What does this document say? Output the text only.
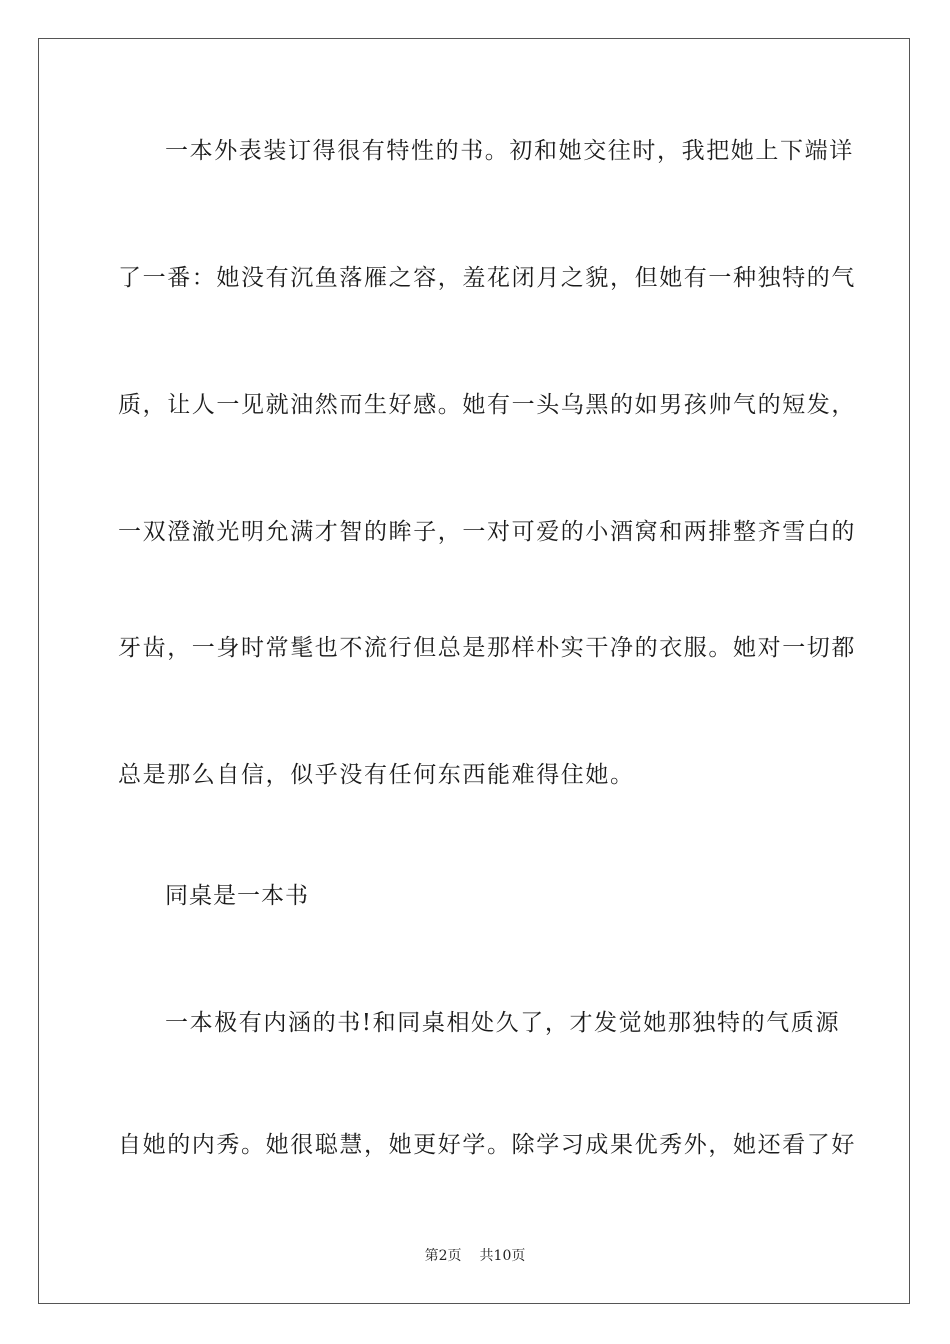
一本外表装订得很有特性的书。初和她交往时，我把她上下端详
了一番：她没有沉鱼落雁之容，羞花闭月之貌，但她有一种独特的气
质，让人一见就油然而生好感。她有一头乌黑的如男孩帅气的短发，
一双澄澈光明允满才智的眸子，一对可爱的小酒窝和两排整齐雪白的
牙齿，一身时常髦也不流行但总是那样朴实干净的衣服。她对一切都
总是那么自信，似乎没有任何东西能难得住她。
同桌是一本书
一本极有内涵的书!和同桌相处久了，才发觉她那独特的气质源
自她的内秀。她很聪慧，她更好学。除学习成果优秀外，她还看了好
第2页 共10页
